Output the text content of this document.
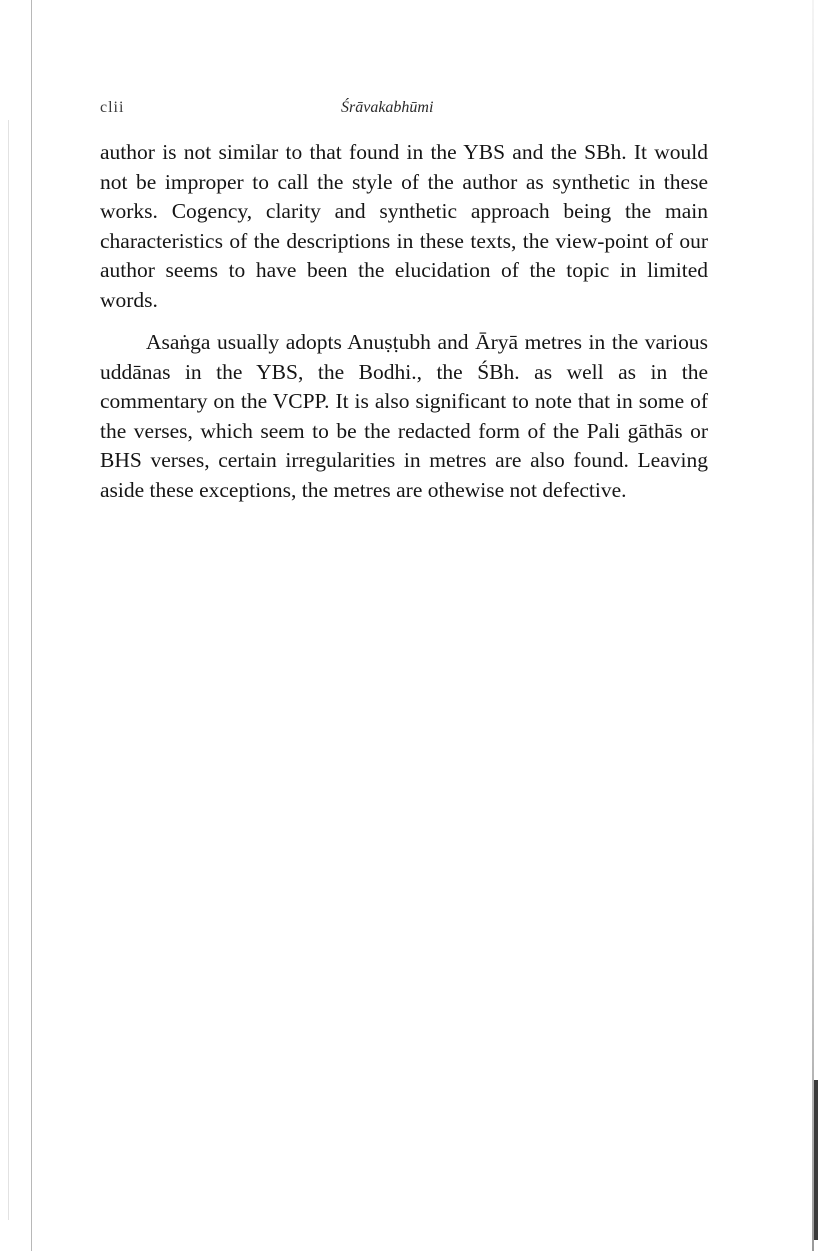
clii	Śrāvakabhūmi

author is not similar to that found in the YBS and the SBh. It would not be improper to call the style of the author as synthetic in these works. Cogency, clarity and synthetic approach being the main characteristics of the descriptions in these texts, the view-point of our author seems to have been the elucidation of the topic in limited words.

Asaṅga usually adopts Anuṣṭubh and Āryā metres in the various uddānas in the YBS, the Bodhi., the ŚBh. as well as in the commentary on the VCPP. It is also significant to note that in some of the verses, which seem to be the redacted form of the Pali gāthās or BHS verses, certain irregularities in metres are also found. Leaving aside these exceptions, the metres are othewise not defective.
